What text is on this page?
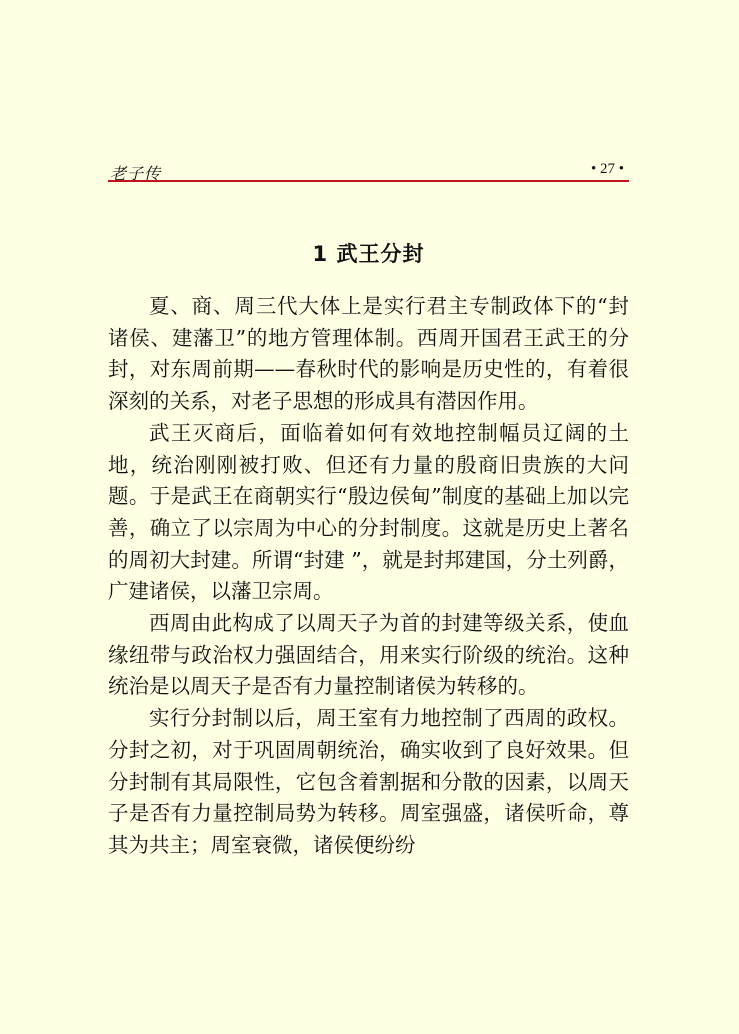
老子传	• 27 •
1 武王分封

夏、商、周三代大体上是实行君主专制政体下的“封诸侯、建藩卫”的地方管理体制。西周开国君王武王的分封，对东周前期——春秋时代的影响是历史性的，有着很深刻的关系，对老子思想的形成具有潜因作用。

武王灭商后，面临着如何有效地控制幅员辽阔的土地，统治刚刚被打败、但还有力量的殷商旧贵族的大问题。于是武王在商朝实行“殷边侯甸”制度的基础上加以完善，确立了以宗周为中心的分封制度。这就是历史上著名的周初大封建。所谓“封建 ”，就是封邦建国，分土列爵，广建诸侯，以藩卫宗周。

西周由此构成了以周天子为首的封建等级关系，使血缘纽带与政治权力强固结合，用来实行阶级的统治。这种统治是以周天子是否有力量控制诸侯为转移的。

实行分封制以后，周王室有力地控制了西周的政权。分封之初，对于巩固周朝统治，确实收到了良好效果。但分封制有其局限性，它包含着割据和分散的因素，以周天子是否有力量控制局势为转移。周室强盛，诸侯听命，尊其为共主；周室衰微，诸侯便纷纷
